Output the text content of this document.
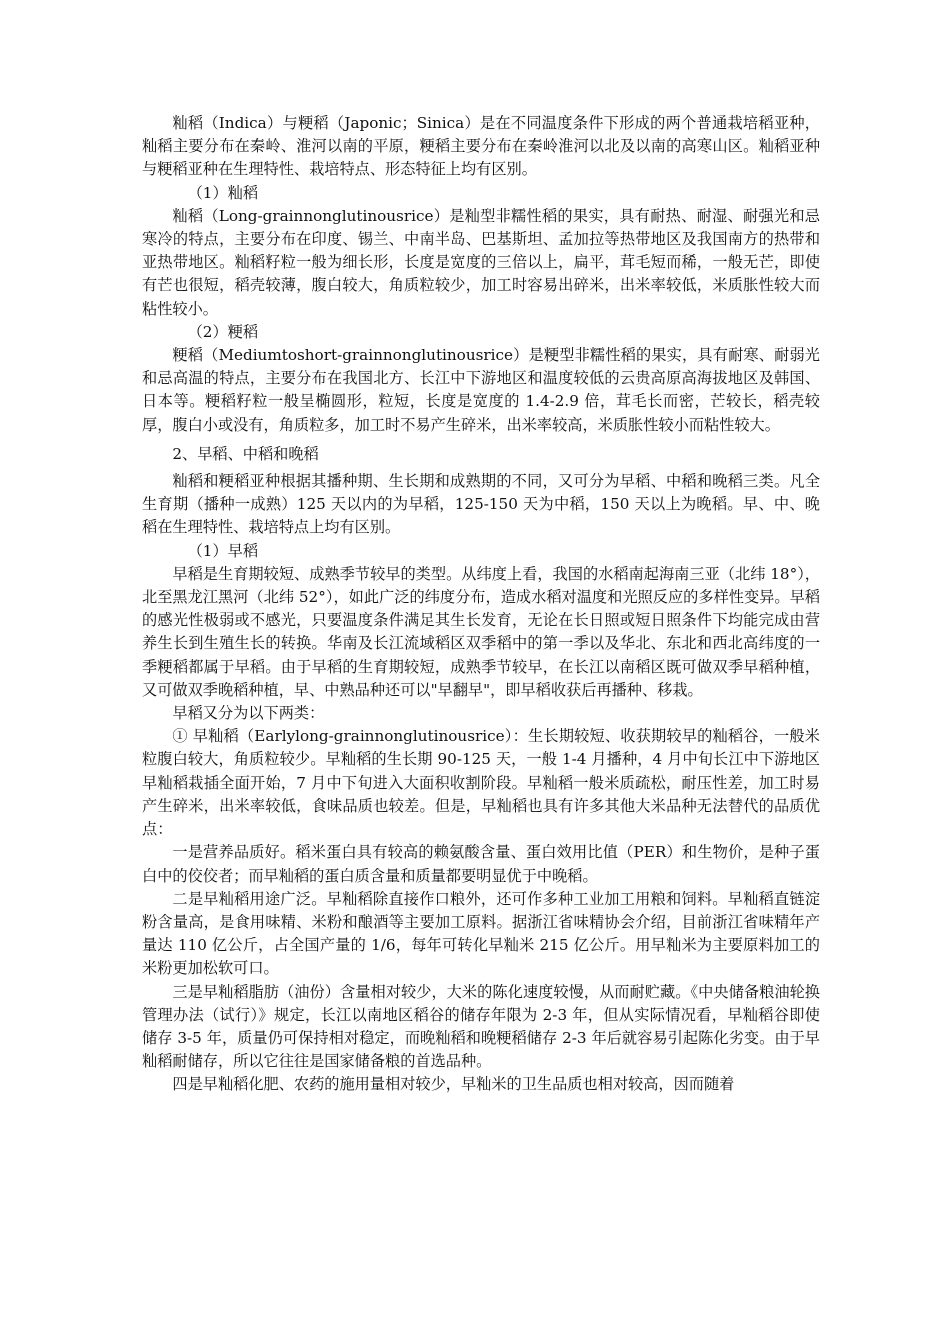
籼稻（Indica）与粳稻（Japonic；Sinica）是在不同温度条件下形成的两个普通栽培稻亚种，籼稻主要分布在秦岭、淮河以南的平原，粳稻主要分布在秦岭淮河以北及以南的高寒山区。籼稻亚种与粳稻亚种在生理特性、栽培特点、形态特征上均有区别。

（1）籼稻

籼稻（Long-grainnonglutinousrice）是籼型非糯性稻的果实，具有耐热、耐湿、耐强光和忌寒冷的特点，主要分布在印度、锡兰、中南半岛、巴基斯坦、孟加拉等热带地区及我国南方的热带和亚热带地区。籼稻籽粒一般为细长形，长度是宽度的三倍以上，扁平，茸毛短而稀，一般无芒，即使有芒也很短，稻壳较薄，腹白较大，角质粒较少，加工时容易出碎米，出米率较低，米质胀性较大而粘性较小。

（2）粳稻

粳稻（Mediumtoshort-grainnonglutinousrice）是粳型非糯性稻的果实，具有耐寒、耐弱光和忌高温的特点，主要分布在我国北方、长江中下游地区和温度较低的云贵高原高海拔地区及韩国、日本等。粳稻籽粒一般呈椭圆形，粒短，长度是宽度的 1.4-2.9 倍，茸毛长而密，芒较长，稻壳较厚，腹白小或没有，角质粒多，加工时不易产生碎米，出米率较高，米质胀性较小而粘性较大。

2、早稻、中稻和晚稻

籼稻和粳稻亚种根据其播种期、生长期和成熟期的不同，又可分为早稻、中稻和晚稻三类。凡全生育期（播种一成熟）125 天以内的为早稻，125-150 天为中稻，150 天以上为晚稻。早、中、晚稻在生理特性、栽培特点上均有区别。

（1）早稻

早稻是生育期较短、成熟季节较早的类型。从纬度上看，我国的水稻南起海南三亚（北纬 18°），北至黑龙江黑河（北纬 52°），如此广泛的纬度分布，造成水稻对温度和光照反应的多样性变异。早稻的感光性极弱或不感光，只要温度条件满足其生长发育，无论在长日照或短日照条件下均能完成由营养生长到生殖生长的转换。华南及长江流域稻区双季稻中的第一季以及华北、东北和西北高纬度的一季粳稻都属于早稻。由于早稻的生育期较短，成熟季节较早，在长江以南稻区既可做双季早稻种植，又可做双季晚稻种植，早、中熟品种还可以"早翻早"，即早稻收获后再播种、移栽。

早稻又分为以下两类：

① 早籼稻（Earlylong-grainnonglutinousrice）：生长期较短、收获期较早的籼稻谷，一般米粒腹白较大，角质粒较少。早籼稻的生长期 90-125 天，一般 1-4 月播种，4 月中旬长江中下游地区早籼稻栽插全面开始，7 月中下旬进入大面积收割阶段。早籼稻一般米质疏松，耐压性差，加工时易产生碎米，出米率较低，食味品质也较差。但是，早籼稻也具有许多其他大米品种无法替代的品质优点：

一是营养品质好。稻米蛋白具有较高的赖氨酸含量、蛋白效用比值（PER）和生物价，是种子蛋白中的佼佼者；而早籼稻的蛋白质含量和质量都要明显优于中晚稻。

二是早籼稻用途广泛。早籼稻除直接作口粮外，还可作多种工业加工用粮和饲料。早籼稻直链淀粉含量高，是食用味精、米粉和酿酒等主要加工原料。据浙江省味精协会介绍，目前浙江省味精年产量达 110 亿公斤，占全国产量的 1/6，每年可转化早籼米 215 亿公斤。用早籼米为主要原料加工的米粉更加松软可口。

三是早籼稻脂肪（油份）含量相对较少，大米的陈化速度较慢，从而耐贮藏。《中央储备粮油轮换管理办法（试行）》规定，长江以南地区稻谷的储存年限为 2-3 年，但从实际情况看，早籼稻谷即使储存 3-5 年，质量仍可保持相对稳定，而晚籼稻和晚粳稻储存 2-3 年后就容易引起陈化劣变。由于早籼稻耐储存，所以它往往是国家储备粮的首选品种。

四是早籼稻化肥、农药的施用量相对较少，早籼米的卫生品质也相对较高，因而随着
